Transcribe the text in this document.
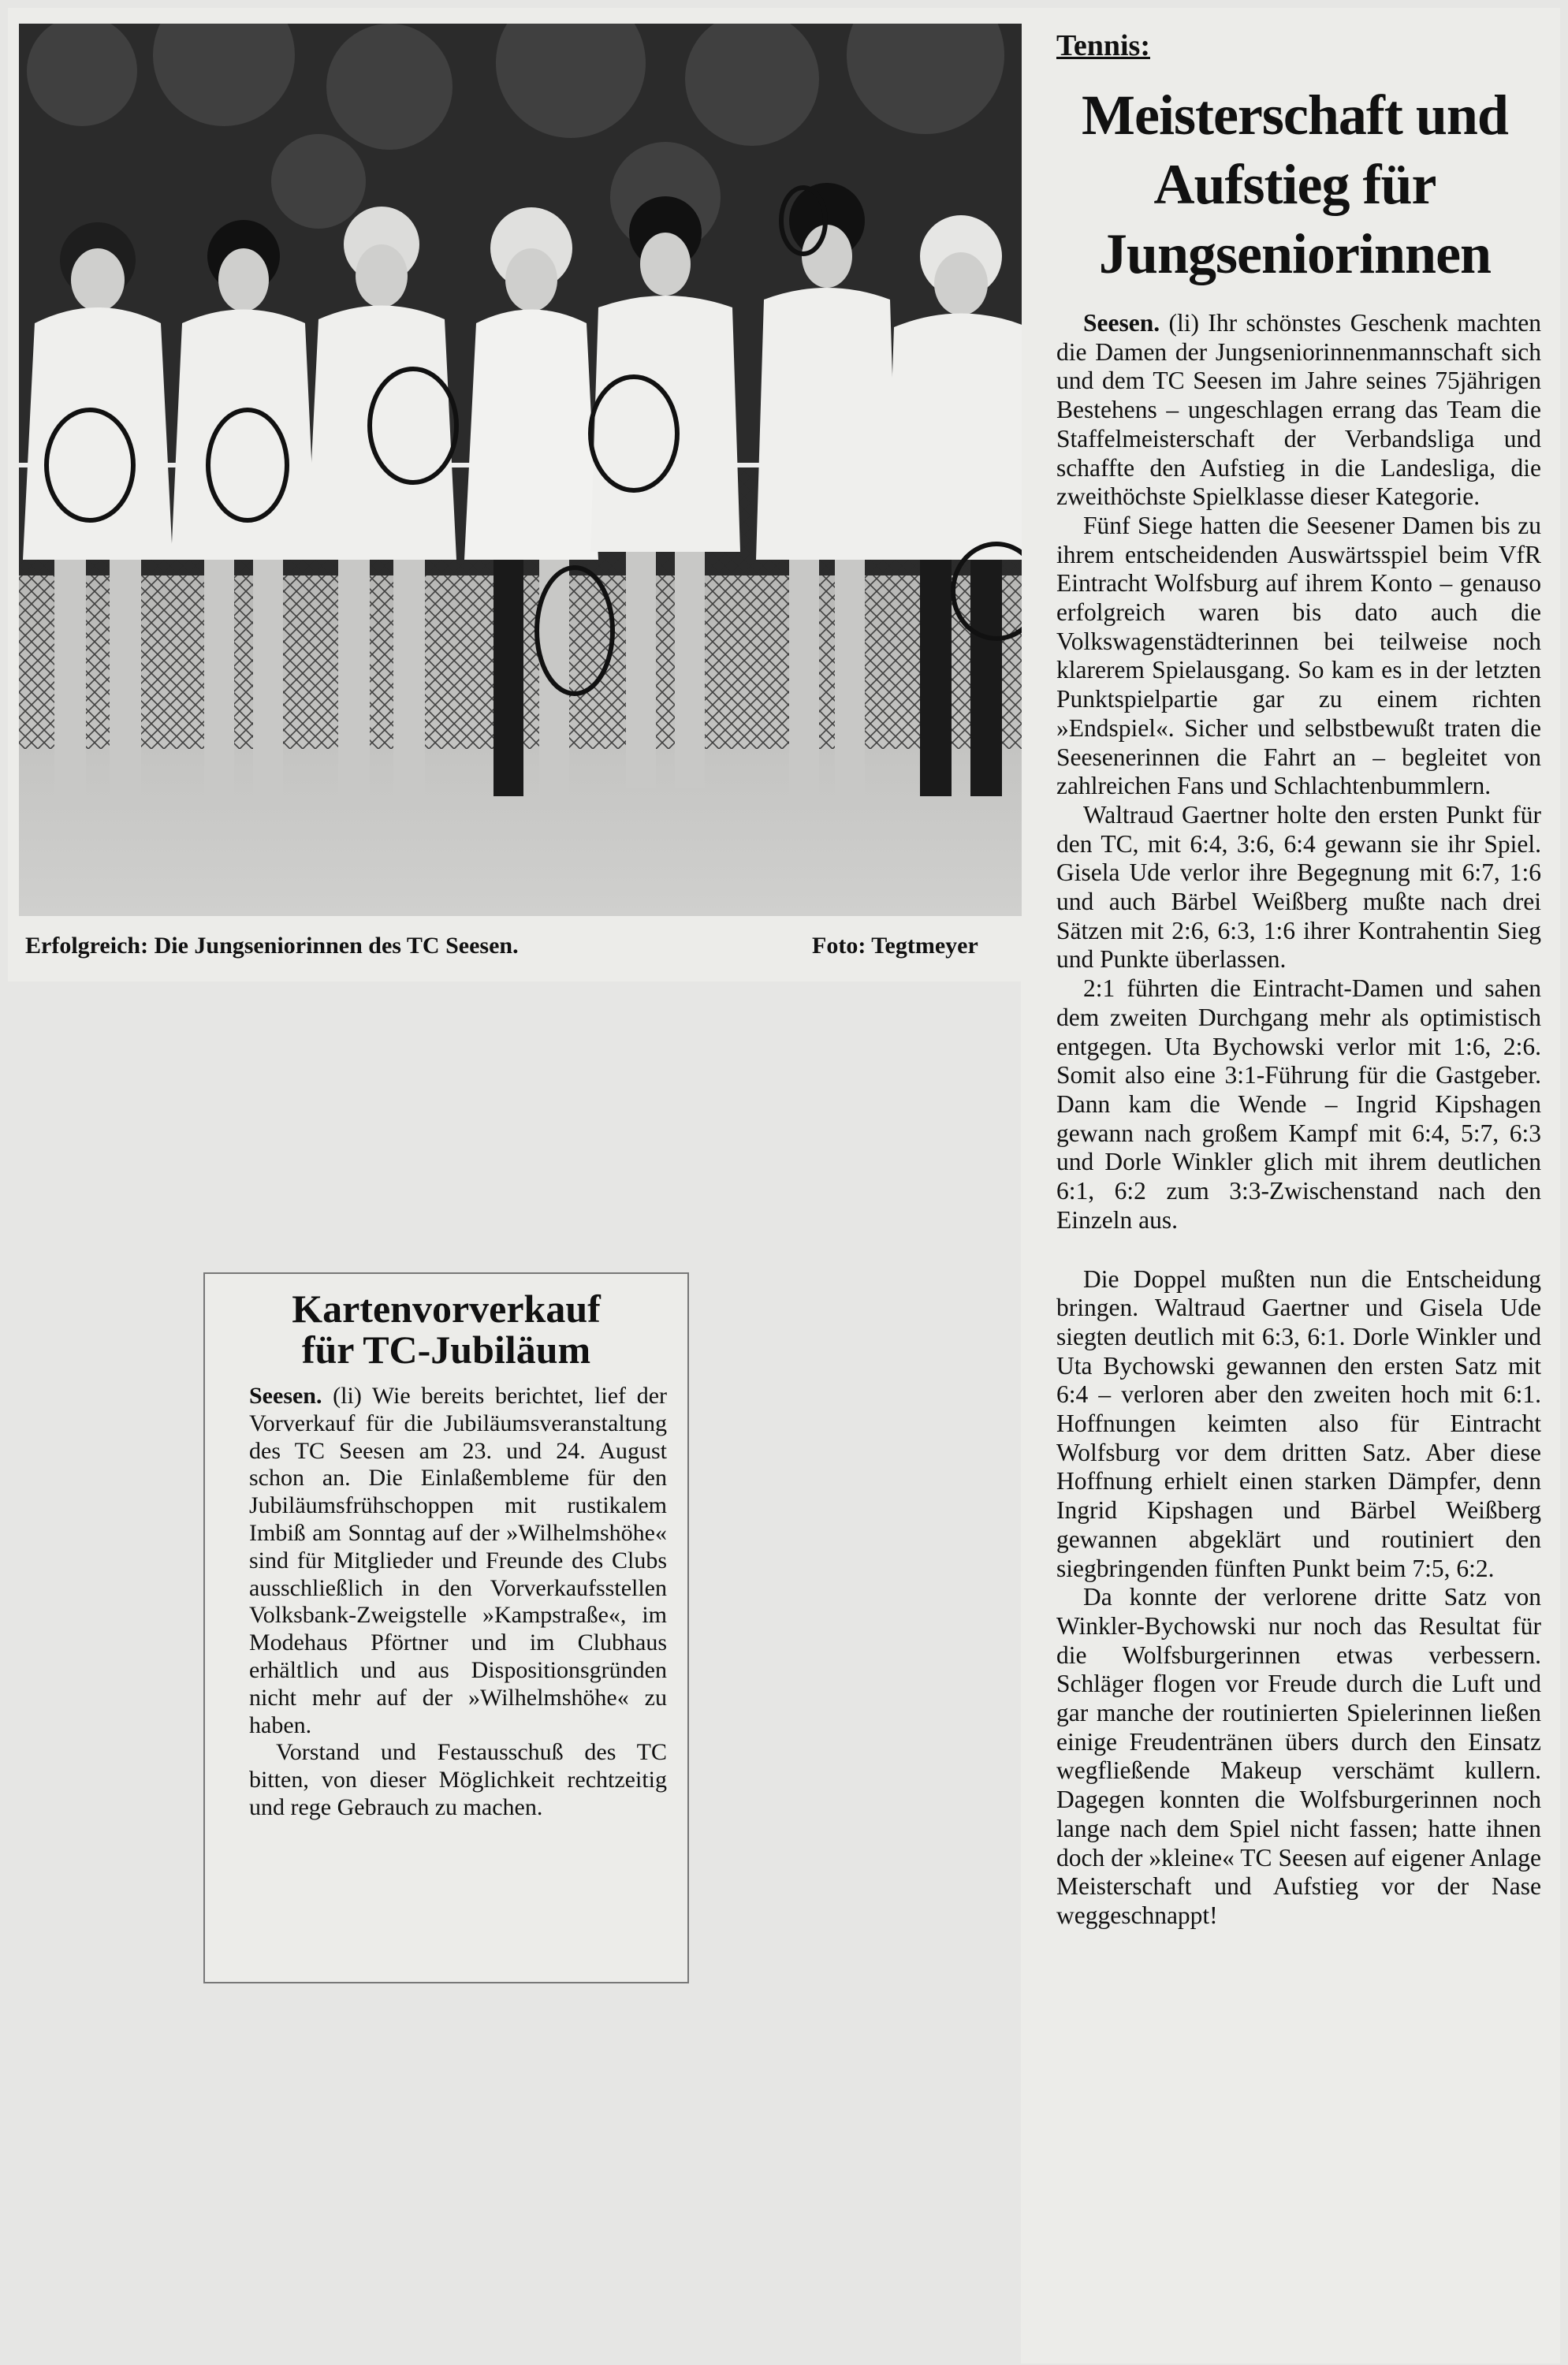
Erfolgreich: Die Jungseniorinnen des TC Seesen.	Foto: Tegtmeyer
Tennis:
Meisterschaft und
Aufstieg für
Jungseniorinnen

Seesen. (li) Ihr schönstes Geschenk machten die Damen der Jungseniorinnenmannschaft sich und dem TC Seesen im Jahre seines 75jährigen Bestehens – ungeschlagen errang das Team die Staffelmeisterschaft der Verbandsliga und schaffte den Aufstieg in die Landesliga, die zweithöchste Spielklasse dieser Kategorie.

Fünf Siege hatten die Seesener Damen bis zu ihrem entscheidenden Auswärtsspiel beim VfR Eintracht Wolfsburg auf ihrem Konto – genauso erfolgreich waren bis dato auch die Volkswagenstädterinnen bei teilweise noch klarerem Spielausgang. So kam es in der letzten Punktspielpartie gar zu einem richten »Endspiel«. Sicher und selbstbewußt traten die Seesenerinnen die Fahrt an – begleitet von zahlreichen Fans und Schlachtenbummlern.

Waltraud Gaertner holte den ersten Punkt für den TC, mit 6:4, 3:6, 6:4 gewann sie ihr Spiel. Gisela Ude verlor ihre Begegnung mit 6:7, 1:6 und auch Bärbel Weißberg mußte nach drei Sätzen mit 2:6, 6:3, 1:6 ihrer Kontrahentin Sieg und Punkte überlassen.

2:1 führten die Eintracht-Damen und sahen dem zweiten Durchgang mehr als optimistisch entgegen. Uta Bychowski verlor mit 1:6, 2:6. Somit also eine 3:1-Führung für die Gastgeber. Dann kam die Wende – Ingrid Kipshagen gewann nach großem Kampf mit 6:4, 5:7, 6:3 und Dorle Winkler glich mit ihrem deutlichen 6:1, 6:2 zum 3:3-Zwischenstand nach den Einzeln aus.

Die Doppel mußten nun die Entscheidung bringen. Waltraud Gaertner und Gisela Ude siegten deutlich mit 6:3, 6:1. Dorle Winkler und Uta Bychowski gewannen den ersten Satz mit 6:4 – verloren aber den zweiten hoch mit 6:1. Hoffnungen keimten also für Eintracht Wolfsburg vor dem dritten Satz. Aber diese Hoffnung erhielt einen starken Dämpfer, denn Ingrid Kipshagen und Bärbel Weißberg gewannen abgeklärt und routiniert den siegbringenden fünften Punkt beim 7:5, 6:2.

Da konnte der verlorene dritte Satz von Winkler-Bychowski nur noch das Resultat für die Wolfsburgerinnen etwas verbessern. Schläger flogen vor Freude durch die Luft und gar manche der routinierten Spielerinnen ließen einige Freudentränen übers durch den Einsatz wegfließende Makeup verschämt kullern. Dagegen konnten die Wolfsburgerinnen noch lange nach dem Spiel nicht fassen; hatte ihnen doch der »kleine« TC Seesen auf eigener Anlage Meisterschaft und Aufstieg vor der Nase weggeschnappt!

Kartenvorverkauf
für TC-Jubiläum

Seesen. (li) Wie bereits berichtet, lief der Vorverkauf für die Jubiläumsveranstaltung des TC Seesen am 23. und 24. August schon an. Die Einlaßembleme für den Jubiläumsfrühschoppen mit rustikalem Imbiß am Sonntag auf der »Wilhelmshöhe« sind für Mitglieder und Freunde des Clubs ausschließlich in den Vorverkaufsstellen Volksbank-Zweigstelle »Kampstraße«, im Modehaus Pförtner und im Clubhaus erhältlich und aus Dispositionsgründen nicht mehr auf der »Wilhelmshöhe« zu haben.

Vorstand und Festausschuß des TC bitten, von dieser Möglichkeit rechtzeitig und rege Gebrauch zu machen.
